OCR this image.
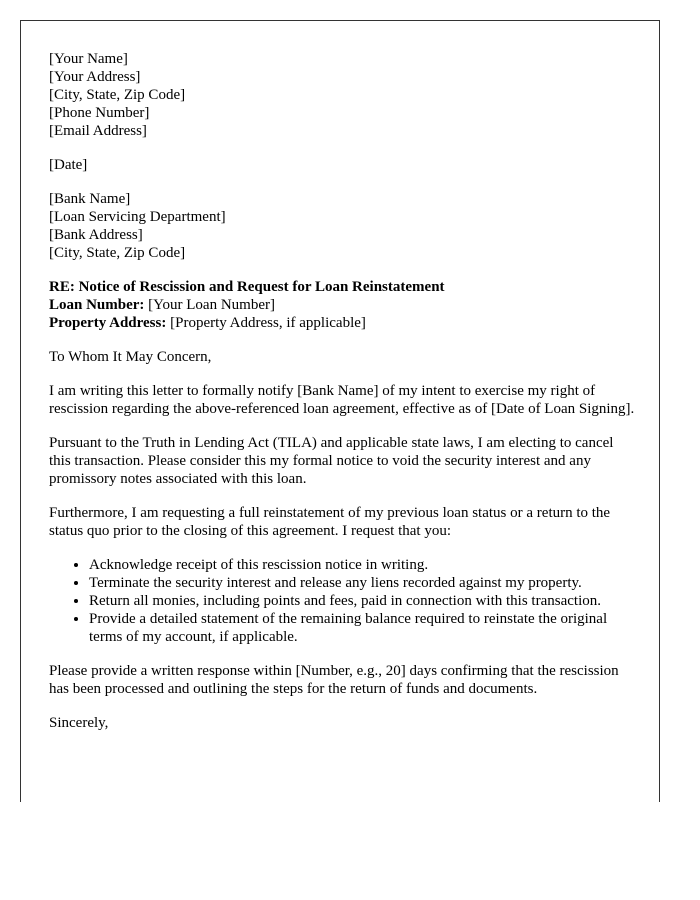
[Your Name]
[Your Address]
[City, State, Zip Code]
[Phone Number]
[Email Address]

[Date]

[Bank Name]
[Loan Servicing Department]
[Bank Address]
[City, State, Zip Code]

RE: Notice of Rescission and Request for Loan Reinstatement
Loan Number: [Your Loan Number]
Property Address: [Property Address, if applicable]

To Whom It May Concern,

I am writing this letter to formally notify [Bank Name] of my intent to exercise my right of rescission regarding the above-referenced loan agreement, effective as of [Date of Loan Signing].

Pursuant to the Truth in Lending Act (TILA) and applicable state laws, I am electing to cancel this transaction. Please consider this my formal notice to void the security interest and any promissory notes associated with this loan.

Furthermore, I am requesting a full reinstatement of my previous loan status or a return to the status quo prior to the closing of this agreement. I request that you:

• Acknowledge receipt of this rescission notice in writing.
• Terminate the security interest and release any liens recorded against my property.
• Return all monies, including points and fees, paid in connection with this transaction.
• Provide a detailed statement of the remaining balance required to reinstate the original terms of my account, if applicable.

Please provide a written response within [Number, e.g., 20] days confirming that the rescission has been processed and outlining the steps for the return of funds and documents.

Sincerely,
